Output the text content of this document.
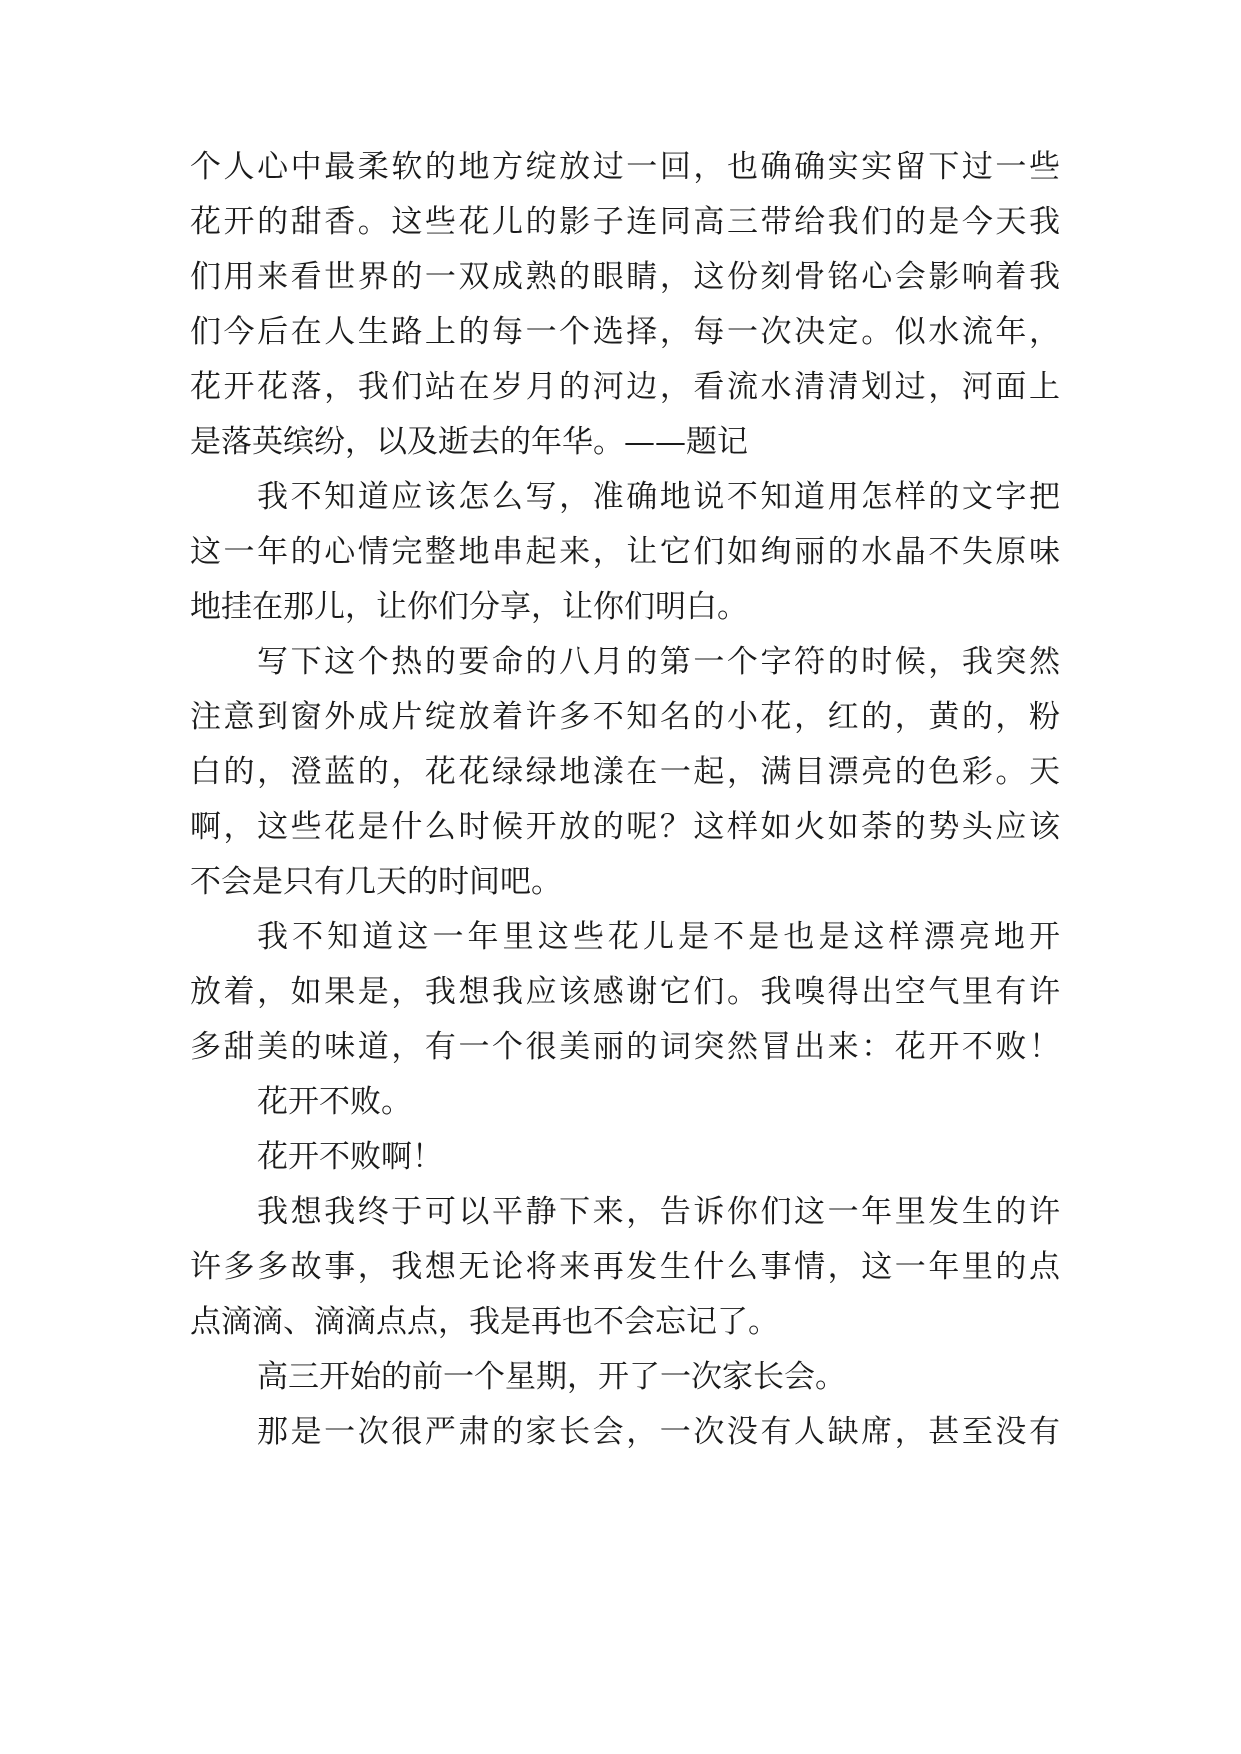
个人心中最柔软的地方绽放过一回，也确确实实留下过一些
花开的甜香。这些花儿的影子连同高三带给我们的是今天我
们用来看世界的一双成熟的眼睛，这份刻骨铭心会影响着我
们今后在人生路上的每一个选择，每一次决定。似水流年，
花开花落，我们站在岁月的河边，看流水清清划过，河面上
是落英缤纷，以及逝去的年华。——题记
我不知道应该怎么写，准确地说不知道用怎样的文字把
这一年的心情完整地串起来，让它们如绚丽的水晶不失原味
地挂在那儿，让你们分享，让你们明白。
写下这个热的要命的八月的第一个字符的时候，我突然
注意到窗外成片绽放着许多不知名的小花，红的，黄的，粉
白的，澄蓝的，花花绿绿地漾在一起，满目漂亮的色彩。天
啊，这些花是什么时候开放的呢？这样如火如荼的势头应该
不会是只有几天的时间吧。
我不知道这一年里这些花儿是不是也是这样漂亮地开
放着，如果是，我想我应该感谢它们。我嗅得出空气里有许
多甜美的味道，有一个很美丽的词突然冒出来：花开不败！
花开不败。
花开不败啊！
我想我终于可以平静下来，告诉你们这一年里发生的许
许多多故事，我想无论将来再发生什么事情，这一年里的点
点滴滴、滴滴点点，我是再也不会忘记了。
高三开始的前一个星期，开了一次家长会。
那是一次很严肃的家长会，一次没有人缺席，甚至没有
